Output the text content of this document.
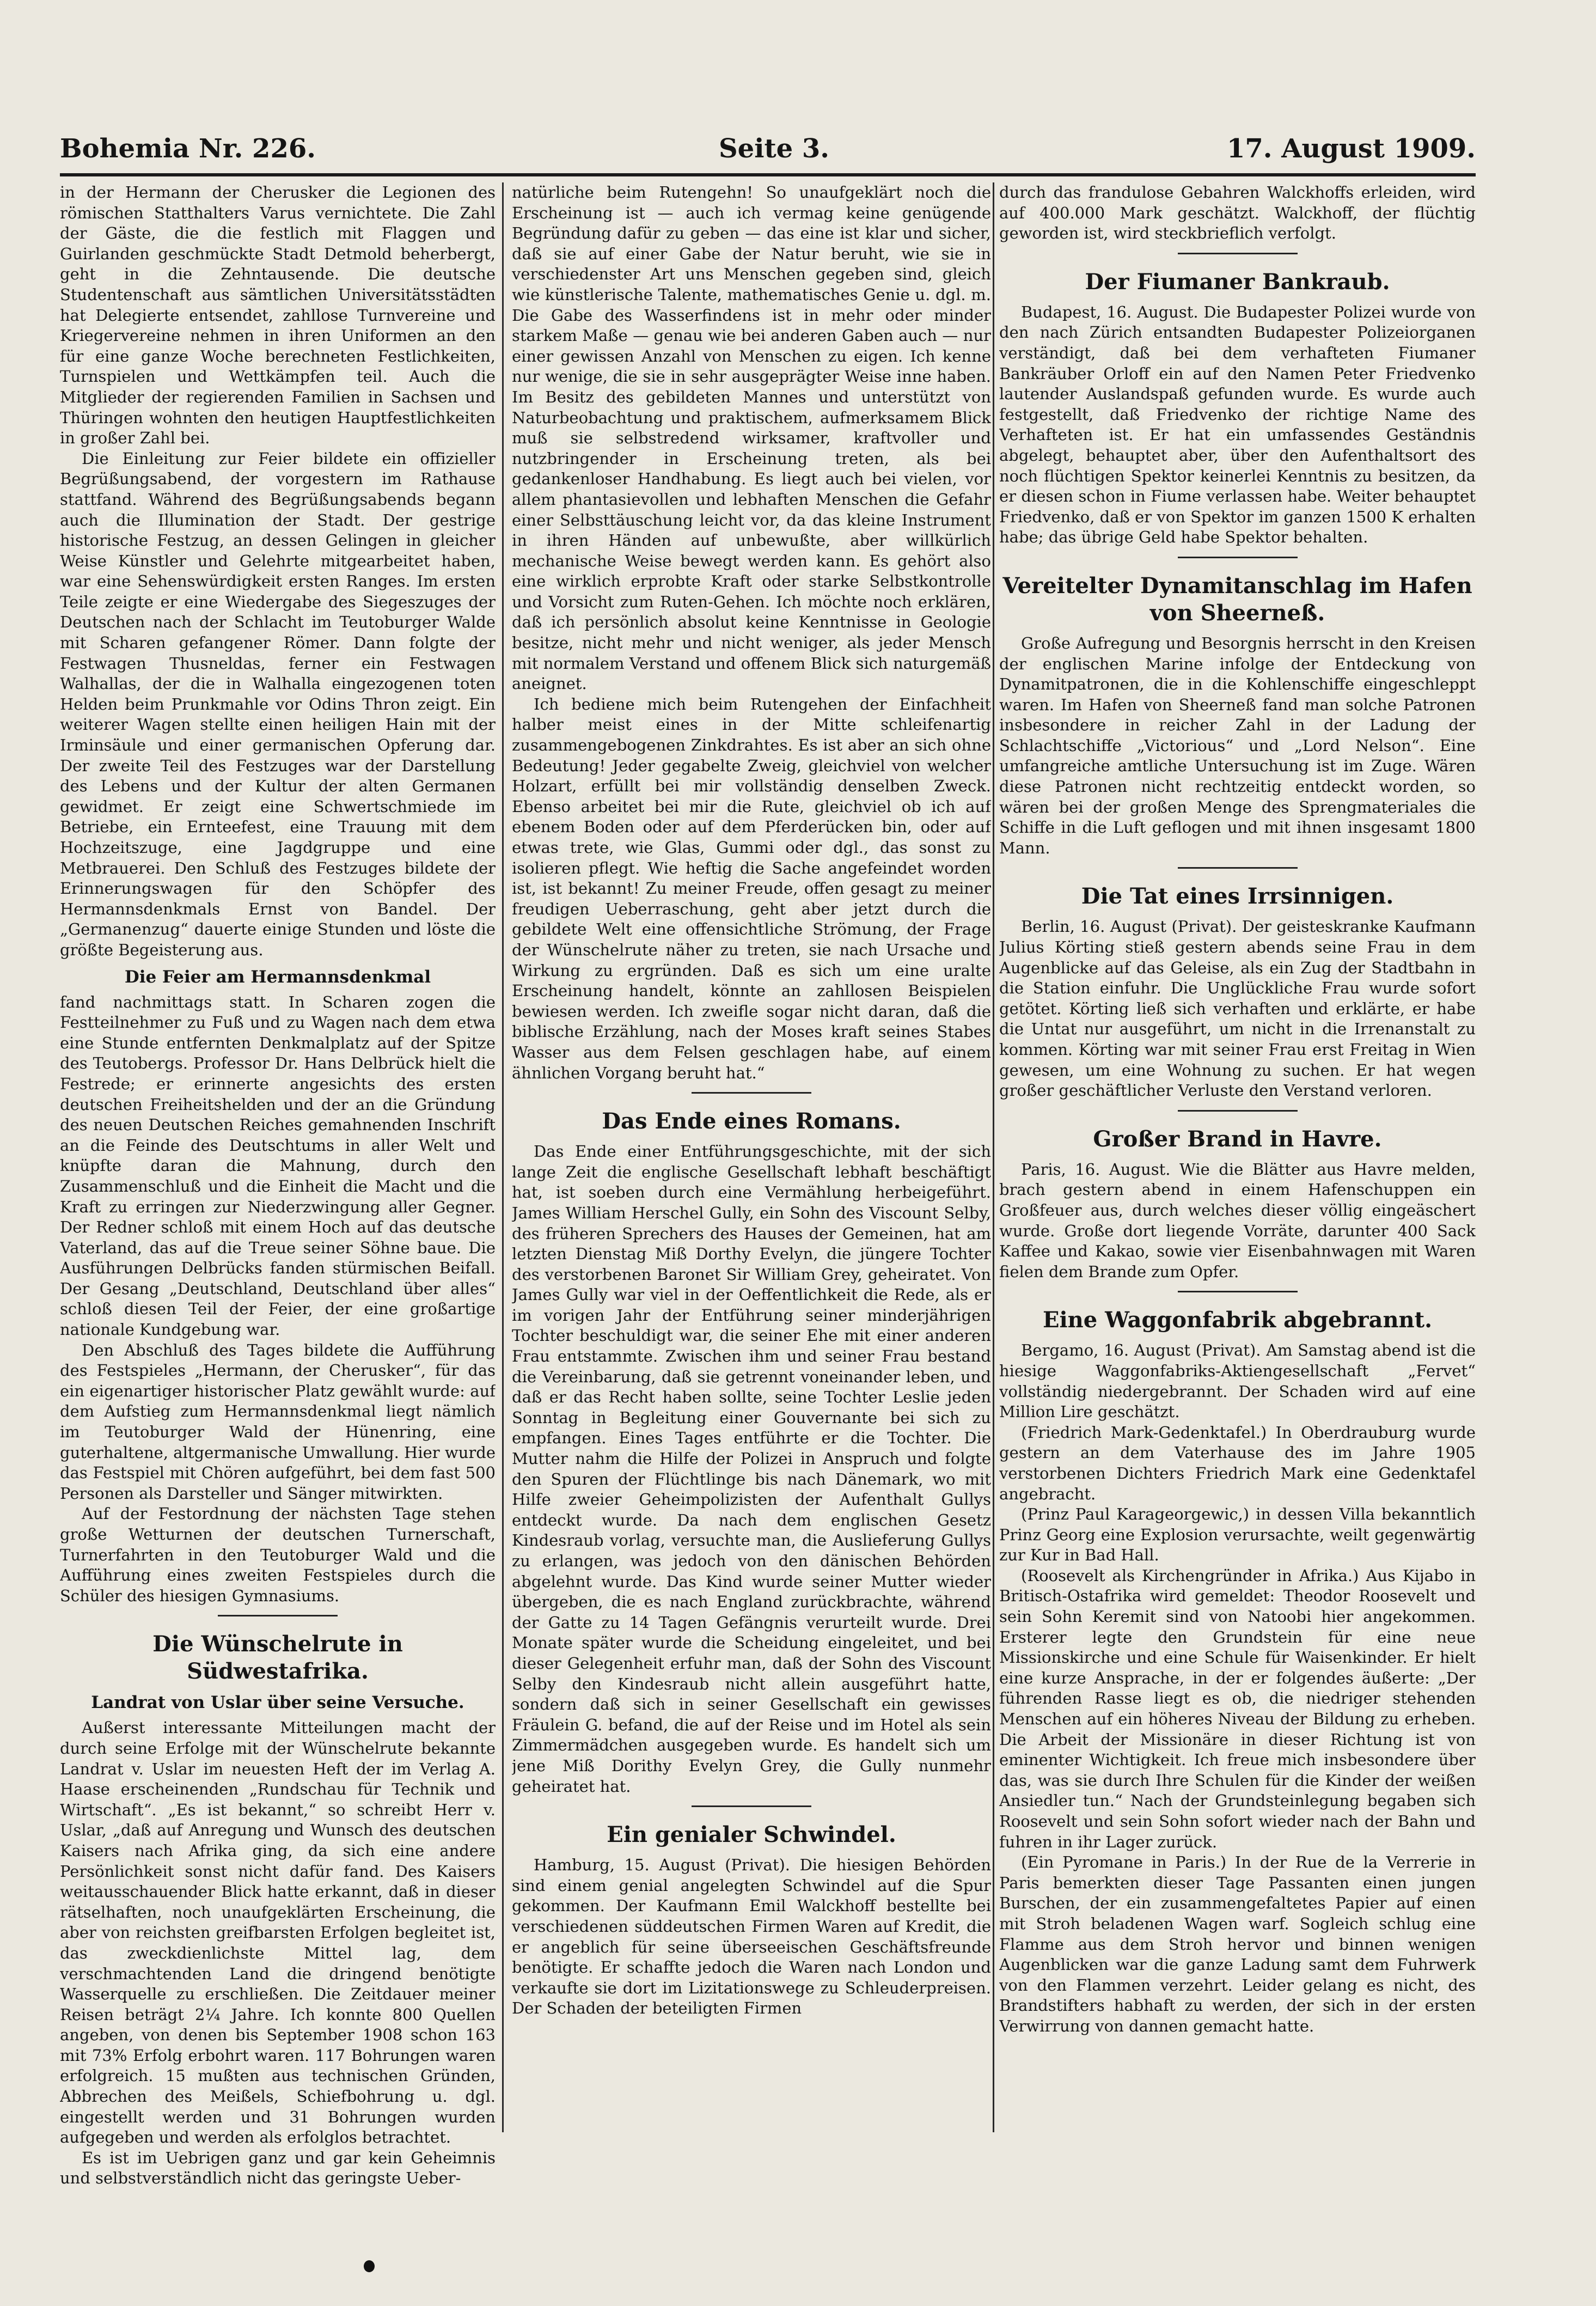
Bohemia Nr. 226.	Seite 3.	17. August 1909.

in der Hermann der Cherusker die Legionen des römischen Statthalters Varus vernichtete. Die Zahl der Gäste, die die festlich mit Flaggen und Guirlanden geschmückte Stadt Detmold beherbergt, geht in die Zehntausende. Die deutsche Studentenschaft aus sämtlichen Universitätsstädten hat Delegierte entsendet, zahllose Turnvereine und Kriegervereine nehmen in ihren Uniformen an den für eine ganze Woche berechneten Festlichkeiten, Turnspielen und Wettkämpfen teil. Auch die Mitglieder der regierenden Familien in Sachsen und Thüringen wohnten den heutigen Hauptfestlichkeiten in großer Zahl bei.

Die Einleitung zur Feier bildete ein offizieller Begrüßungsabend, der vorgestern im Rathause stattfand. Während des Begrüßungsabends begann auch die Illumination der Stadt. Der gestrige historische Festzug, an dessen Gelingen in gleicher Weise Künstler und Gelehrte mitgearbeitet haben, war eine Sehenswürdigkeit ersten Ranges. Im ersten Teile zeigte er eine Wiedergabe des Siegeszuges der Deutschen nach der Schlacht im Teutoburger Walde mit Scharen gefangener Römer. Dann folgte der Festwagen Thusneldas, ferner ein Festwagen Walhallas, der die in Walhalla eingezogenen toten Helden beim Prunkmahle vor Odins Thron zeigt. Ein weiterer Wagen stellte einen heiligen Hain mit der Irminsäule und einer germanischen Opferung dar. Der zweite Teil des Festzuges war der Darstellung des Lebens und der Kultur der alten Germanen gewidmet. Er zeigt eine Schwertschmiede im Betriebe, ein Ernteefest, eine Trauung mit dem Hochzeitszuge, eine Jagdgruppe und eine Metbrauerei. Den Schluß des Festzuges bildete der Erinnerungswagen für den Schöpfer des Hermannsdenkmals Ernst von Bandel. Der „Germanenzug“ dauerte einige Stunden und löste die größte Begeisterung aus.

Die Feier am Hermannsdenkmal

fand nachmittags statt. In Scharen zogen die Festteilnehmer zu Fuß und zu Wagen nach dem etwa eine Stunde entfernten Denkmalplatz auf der Spitze des Teutobergs. Professor Dr. Hans Delbrück hielt die Festrede; er erinnerte angesichts des ersten deutschen Freiheitshelden und der an die Gründung des neuen Deutschen Reiches gemahnenden Inschrift an die Feinde des Deutschtums in aller Welt und knüpfte daran die Mahnung, durch den Zusammenschluß und die Einheit die Macht und die Kraft zu erringen zur Niederzwingung aller Gegner. Der Redner schloß mit einem Hoch auf das deutsche Vaterland, das auf die Treue seiner Söhne baue. Die Ausführungen Delbrücks fanden stürmischen Beifall. Der Gesang „Deutschland, Deutschland über alles“ schloß diesen Teil der Feier, der eine großartige nationale Kundgebung war.

Den Abschluß des Tages bildete die Aufführung des Festspieles „Hermann, der Cherusker“, für das ein eigenartiger historischer Platz gewählt wurde: auf dem Aufstieg zum Hermannsdenkmal liegt nämlich im Teutoburger Wald der Hünenring, eine guterhaltene, altgermanische Umwallung. Hier wurde das Festspiel mit Chören aufgeführt, bei dem fast 500 Personen als Darsteller und Sänger mitwirkten.

Auf der Festordnung der nächsten Tage stehen große Wetturnen der deutschen Turnerschaft, Turnerfahrten in den Teutoburger Wald und die Aufführung eines zweiten Festspieles durch die Schüler des hiesigen Gymnasiums.

Die Wünschelrute in Südwestafrika.
Landrat von Uslar über seine Versuche.

Außerst interessante Mitteilungen macht der durch seine Erfolge mit der Wünschelrute bekannte Landrat v. Uslar im neuesten Heft der im Verlag A. Haase erscheinenden „Rundschau für Technik und Wirtschaft“. „Es ist bekannt,“ so schreibt Herr v. Uslar, „daß auf Anregung und Wunsch des deutschen Kaisers nach Afrika ging, da sich eine andere Persönlichkeit sonst nicht dafür fand. Des Kaisers weitausschauender Blick hatte erkannt, daß in dieser rätselhaften, noch unaufgeklärten Erscheinung, die aber von reichsten greifbarsten Erfolgen begleitet ist, das zweckdienlichste Mittel lag, dem verschmachtenden Land die dringend benötigte Wasserquelle zu erschließen. Die Zeitdauer meiner Reisen beträgt 2¼ Jahre. Ich konnte 800 Quellen angeben, von denen bis September 1908 schon 163 mit 73% Erfolg erbohrt waren. 117 Bohrungen waren erfolgreich. 15 mußten aus technischen Gründen, Abbrechen des Meißels, Schiefbohrung u. dgl. eingestellt werden und 31 Bohrungen wurden aufgegeben und werden als erfolglos betrachtet.

Es ist im Uebrigen ganz und gar kein Geheimnis und selbstverständlich nicht das geringste Ueber-

natürliche beim Rutengehn! So unaufgeklärt noch die Erscheinung ist — auch ich vermag keine genügende Begründung dafür zu geben — das eine ist klar und sicher, daß sie auf einer Gabe der Natur beruht, wie sie in verschiedenster Art uns Menschen gegeben sind, gleich wie künstlerische Talente, mathematisches Genie u. dgl. m. Die Gabe des Wasserfindens ist in mehr oder minder starkem Maße — genau wie bei anderen Gaben auch — nur einer gewissen Anzahl von Menschen zu eigen. Ich kenne nur wenige, die sie in sehr ausgeprägter Weise inne haben. Im Besitz des gebildeten Mannes und unterstützt von Naturbeobachtung und praktischem, aufmerksamem Blick muß sie selbstredend wirksamer, kraftvoller und nutzbringender in Erscheinung treten, als bei gedankenloser Handhabung. Es liegt auch bei vielen, vor allem phantasievollen und lebhaften Menschen die Gefahr einer Selbsttäuschung leicht vor, da das kleine Instrument in ihren Händen auf unbewußte, aber willkürlich mechanische Weise bewegt werden kann. Es gehört also eine wirklich erprobte Kraft oder starke Selbstkontrolle und Vorsicht zum Ruten-Gehen. Ich möchte noch erklären, daß ich persönlich absolut keine Kenntnisse in Geologie besitze, nicht mehr und nicht weniger, als jeder Mensch mit normalem Verstand und offenem Blick sich naturgemäß aneignet.

Ich bediene mich beim Rutengehen der Einfachheit halber meist eines in der Mitte schleifenartig zusammengebogenen Zinkdrahtes. Es ist aber an sich ohne Bedeutung! Jeder gegabelte Zweig, gleichviel von welcher Holzart, erfüllt bei mir vollständig denselben Zweck. Ebenso arbeitet bei mir die Rute, gleichviel ob ich auf ebenem Boden oder auf dem Pferderücken bin, oder auf etwas trete, wie Glas, Gummi oder dgl., das sonst zu isolieren pflegt. Wie heftig die Sache angefeindet worden ist, ist bekannt! Zu meiner Freude, offen gesagt zu meiner freudigen Ueberraschung, geht aber jetzt durch die gebildete Welt eine offensichtliche Strömung, der Frage der Wünschelrute näher zu treten, sie nach Ursache und Wirkung zu ergründen. Daß es sich um eine uralte Erscheinung handelt, könnte an zahllosen Beispielen bewiesen werden. Ich zweifle sogar nicht daran, daß die biblische Erzählung, nach der Moses kraft seines Stabes Wasser aus dem Felsen geschlagen habe, auf einem ähnlichen Vorgang beruht hat.“

Das Ende eines Romans.

Das Ende einer Entführungsgeschichte, mit der sich lange Zeit die englische Gesellschaft lebhaft beschäftigt hat, ist soeben durch eine Vermählung herbeigeführt. James William Herschel Gully, ein Sohn des Viscount Selby, des früheren Sprechers des Hauses der Gemeinen, hat am letzten Dienstag Miß Dorthy Evelyn, die jüngere Tochter des verstorbenen Baronet Sir William Grey, geheiratet. Von James Gully war viel in der Oeffentlichkeit die Rede, als er im vorigen Jahr der Entführung seiner minderjährigen Tochter beschuldigt war, die seiner Ehe mit einer anderen Frau entstammte. Zwischen ihm und seiner Frau bestand die Vereinbarung, daß sie getrennt voneinander leben, und daß er das Recht haben sollte, seine Tochter Leslie jeden Sonntag in Begleitung einer Gouvernante bei sich zu empfangen. Eines Tages entführte er die Tochter. Die Mutter nahm die Hilfe der Polizei in Anspruch und folgte den Spuren der Flüchtlinge bis nach Dänemark, wo mit Hilfe zweier Geheimpolizisten der Aufenthalt Gullys entdeckt wurde. Da nach dem englischen Gesetz Kindesraub vorlag, versuchte man, die Auslieferung Gullys zu erlangen, was jedoch von den dänischen Behörden abgelehnt wurde. Das Kind wurde seiner Mutter wieder übergeben, die es nach England zurückbrachte, während der Gatte zu 14 Tagen Gefängnis verurteilt wurde. Drei Monate später wurde die Scheidung eingeleitet, und bei dieser Gelegenheit erfuhr man, daß der Sohn des Viscount Selby den Kindesraub nicht allein ausgeführt hatte, sondern daß sich in seiner Gesellschaft ein gewisses Fräulein G. befand, die auf der Reise und im Hotel als sein Zimmermädchen ausgegeben wurde. Es handelt sich um jene Miß Dorithy Evelyn Grey, die Gully nunmehr geheiratet hat.

Ein genialer Schwindel.

Hamburg, 15. August (Privat). Die hiesigen Behörden sind einem genial angelegten Schwindel auf die Spur gekommen. Der Kaufmann Emil Walckhoff bestellte bei verschiedenen süddeutschen Firmen Waren auf Kredit, die er angeblich für seine überseeischen Geschäftsfreunde benötigte. Er schaffte jedoch die Waren nach London und verkaufte sie dort im Lizitationswege zu Schleuderpreisen. Der Schaden der beteiligten Firmen

durch das frandulose Gebahren Walckhoffs erleiden, wird auf 400.000 Mark geschätzt. Walckhoff, der flüchtig geworden ist, wird steckbrieflich verfolgt.

Der Fiumaner Bankraub.

Budapest, 16. August. Die Budapester Polizei wurde von den nach Zürich entsandten Budapester Polizeiorganen verständigt, daß bei dem verhafteten Fiumaner Bankräuber Orloff ein auf den Namen Peter Friedvenko lautender Auslandspaß gefunden wurde. Es wurde auch festgestellt, daß Friedvenko der richtige Name des Verhafteten ist. Er hat ein umfassendes Geständnis abgelegt, behauptet aber, über den Aufenthaltsort des noch flüchtigen Spektor keinerlei Kenntnis zu besitzen, da er diesen schon in Fiume verlassen habe. Weiter behauptet Friedvenko, daß er von Spektor im ganzen 1500 K erhalten habe; das übrige Geld habe Spektor behalten.

Vereitelter Dynamitanschlag im Hafen von Sheerneß.

Große Aufregung und Besorgnis herrscht in den Kreisen der englischen Marine infolge der Entdeckung von Dynamitpatronen, die in die Kohlenschiffe eingeschleppt waren. Im Hafen von Sheerneß fand man solche Patronen insbesondere in reicher Zahl in der Ladung der Schlachtschiffe „Victorious“ und „Lord Nelson“. Eine umfangreiche amtliche Untersuchung ist im Zuge. Wären diese Patronen nicht rechtzeitig entdeckt worden, so wären bei der großen Menge des Sprengmateriales die Schiffe in die Luft geflogen und mit ihnen insgesamt 1800 Mann.

Die Tat eines Irrsinnigen.

Berlin, 16. August (Privat). Der geisteskranke Kaufmann Julius Körting stieß gestern abends seine Frau in dem Augenblicke auf das Geleise, als ein Zug der Stadtbahn in die Station einfuhr. Die Unglückliche Frau wurde sofort getötet. Körting ließ sich verhaften und erklärte, er habe die Untat nur ausgeführt, um nicht in die Irrenanstalt zu kommen. Körting war mit seiner Frau erst Freitag in Wien gewesen, um eine Wohnung zu suchen. Er hat wegen großer geschäftlicher Verluste den Verstand verloren.

Großer Brand in Havre.

Paris, 16. August. Wie die Blätter aus Havre melden, brach gestern abend in einem Hafenschuppen ein Großfeuer aus, durch welches dieser völlig eingeäschert wurde. Große dort liegende Vorräte, darunter 400 Sack Kaffee und Kakao, sowie vier Eisenbahnwagen mit Waren fielen dem Brande zum Opfer.

Eine Waggonfabrik abgebrannt.

Bergamo, 16. August (Privat). Am Samstag abend ist die hiesige Waggonfabriks-Aktiengesellschaft „Fervet“ vollständig niedergebrannt. Der Schaden wird auf eine Million Lire geschätzt.

(Friedrich Mark-Gedenktafel.) In Oberdrauburg wurde gestern an dem Vaterhause des im Jahre 1905 verstorbenen Dichters Friedrich Mark eine Gedenktafel angebracht.

(Prinz Paul Karageorgewic,) in dessen Villa bekanntlich Prinz Georg eine Explosion verursachte, weilt gegenwärtig zur Kur in Bad Hall.

(Roosevelt als Kirchengründer in Afrika.) Aus Kijabo in Britisch-Ostafrika wird gemeldet: Theodor Roosevelt und sein Sohn Keremit sind von Natoobi hier angekommen. Ersterer legte den Grundstein für eine neue Missionskirche und eine Schule für Waisenkinder. Er hielt eine kurze Ansprache, in der er folgendes äußerte: „Der führenden Rasse liegt es ob, die niedriger stehenden Menschen auf ein höheres Niveau der Bildung zu erheben. Die Arbeit der Missionäre in dieser Richtung ist von eminenter Wichtigkeit. Ich freue mich insbesondere über das, was sie durch Ihre Schulen für die Kinder der weißen Ansiedler tun.“ Nach der Grundsteinlegung begaben sich Roosevelt und sein Sohn sofort wieder nach der Bahn und fuhren in ihr Lager zurück.

(Ein Pyromane in Paris.) In der Rue de la Verrerie in Paris bemerkten dieser Tage Passanten einen jungen Burschen, der ein zusammengefaltetes Papier auf einen mit Stroh beladenen Wagen warf. Sogleich schlug eine Flamme aus dem Stroh hervor und binnen wenigen Augenblicken war die ganze Ladung samt dem Fuhrwerk von den Flammen verzehrt. Leider gelang es nicht, des Brandstifters habhaft zu werden, der sich in der ersten Verwirrung von dannen gemacht hatte.
